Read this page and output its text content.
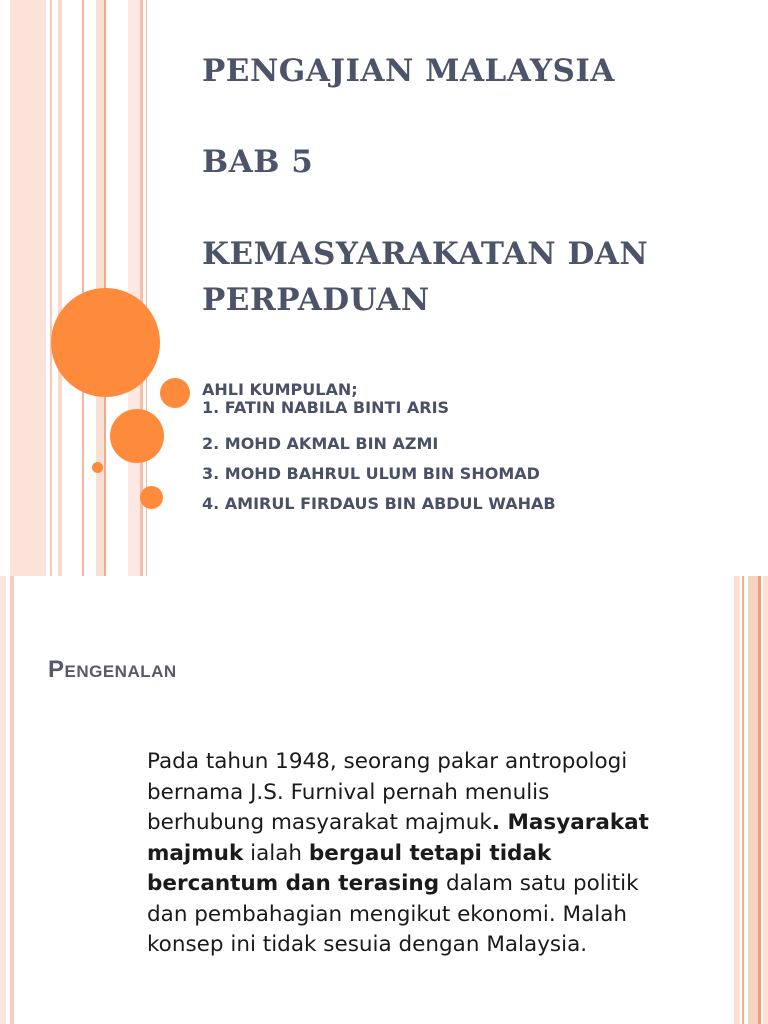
PENGAJIAN MALAYSIA
BAB 5
KEMASYARAKATAN DAN
PERPADUAN
AHLI KUMPULAN;
1. FATIN NABILA BINTI ARIS
2. MOHD AKMAL BIN AZMI
3. MOHD BAHRUL ULUM BIN SHOMAD
4. AMIRUL FIRDAUS BIN ABDUL WAHAB
Pengenalan

Pada tahun 1948, seorang pakar antropologi bernama J.S. Furnival pernah menulis berhubung masyarakat majmuk. Masyarakat majmuk ialah bergaul tetapi tidak bercantum dan terasing dalam satu politik dan pembahagian mengikut ekonomi. Malah konsep ini tidak sesuia dengan Malaysia.
